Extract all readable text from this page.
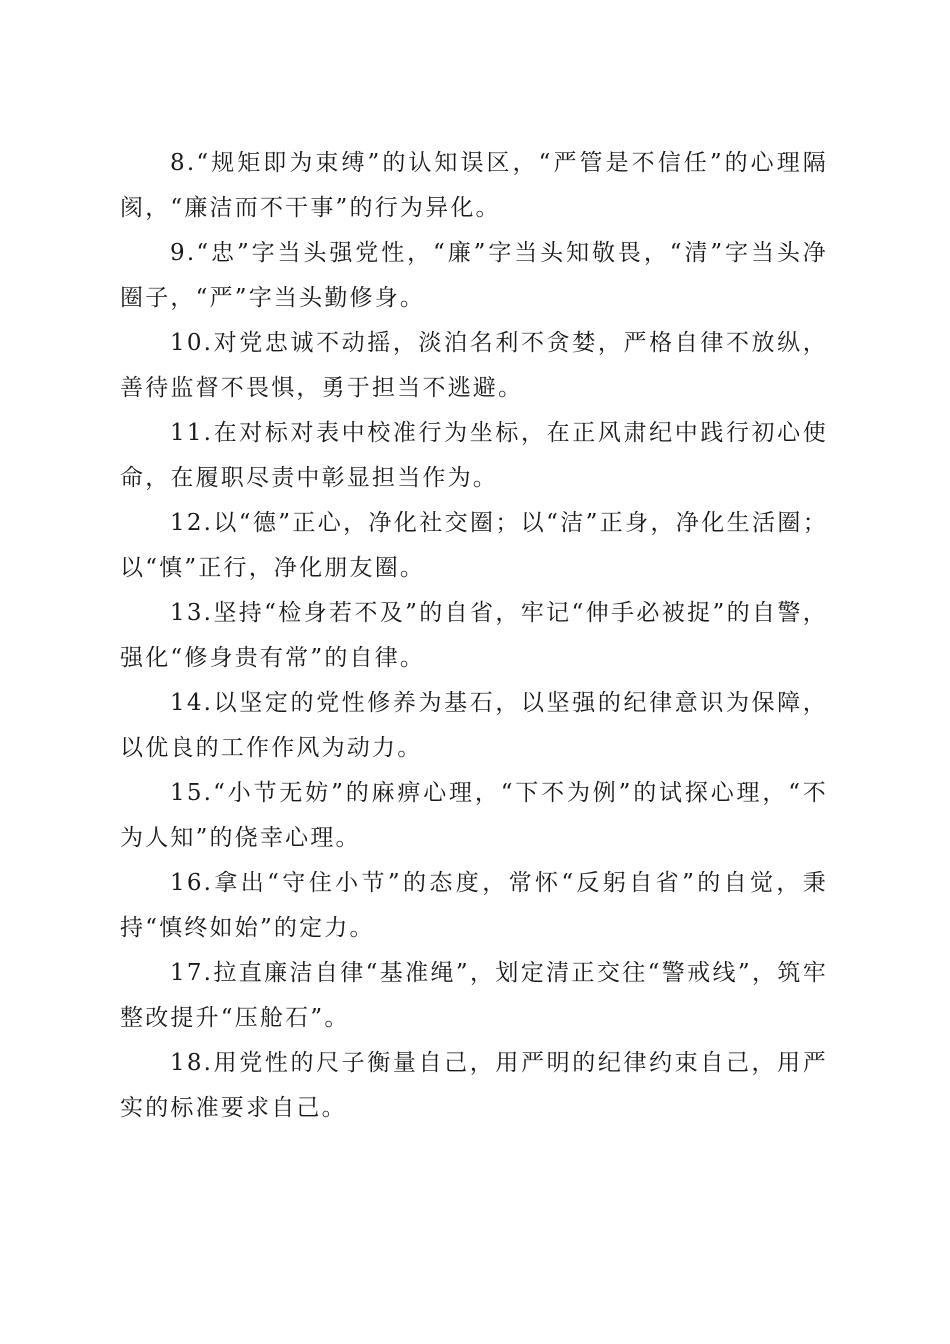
8.“规矩即为束缚”的认知误区，“严管是不信任”的心理隔阂，“廉洁而不干事”的行为异化。

9.“忠”字当头强党性，“廉”字当头知敬畏，“清”字当头净圈子，“严”字当头勤修身。

10.对党忠诚不动摇，淡泊名利不贪婪，严格自律不放纵，善待监督不畏惧，勇于担当不逃避。

11.在对标对表中校准行为坐标，在正风肃纪中践行初心使命，在履职尽责中彰显担当作为。

12.以“德”正心，净化社交圈；以“洁”正身，净化生活圈；以“慎”正行，净化朋友圈。

13.坚持“检身若不及”的自省，牢记“伸手必被捉”的自警，强化“修身贵有常”的自律。

14.以坚定的党性修养为基石，以坚强的纪律意识为保障，以优良的工作作风为动力。

15.“小节无妨”的麻痹心理，“下不为例”的试探心理，“不为人知”的侥幸心理。

16.拿出“守住小节”的态度，常怀“反躬自省”的自觉，秉持“慎终如始”的定力。

17.拉直廉洁自律“基准绳”，划定清正交往“警戒线”，筑牢整改提升“压舱石”。

18.用党性的尺子衡量自己，用严明的纪律约束自己，用严实的标准要求自己。
